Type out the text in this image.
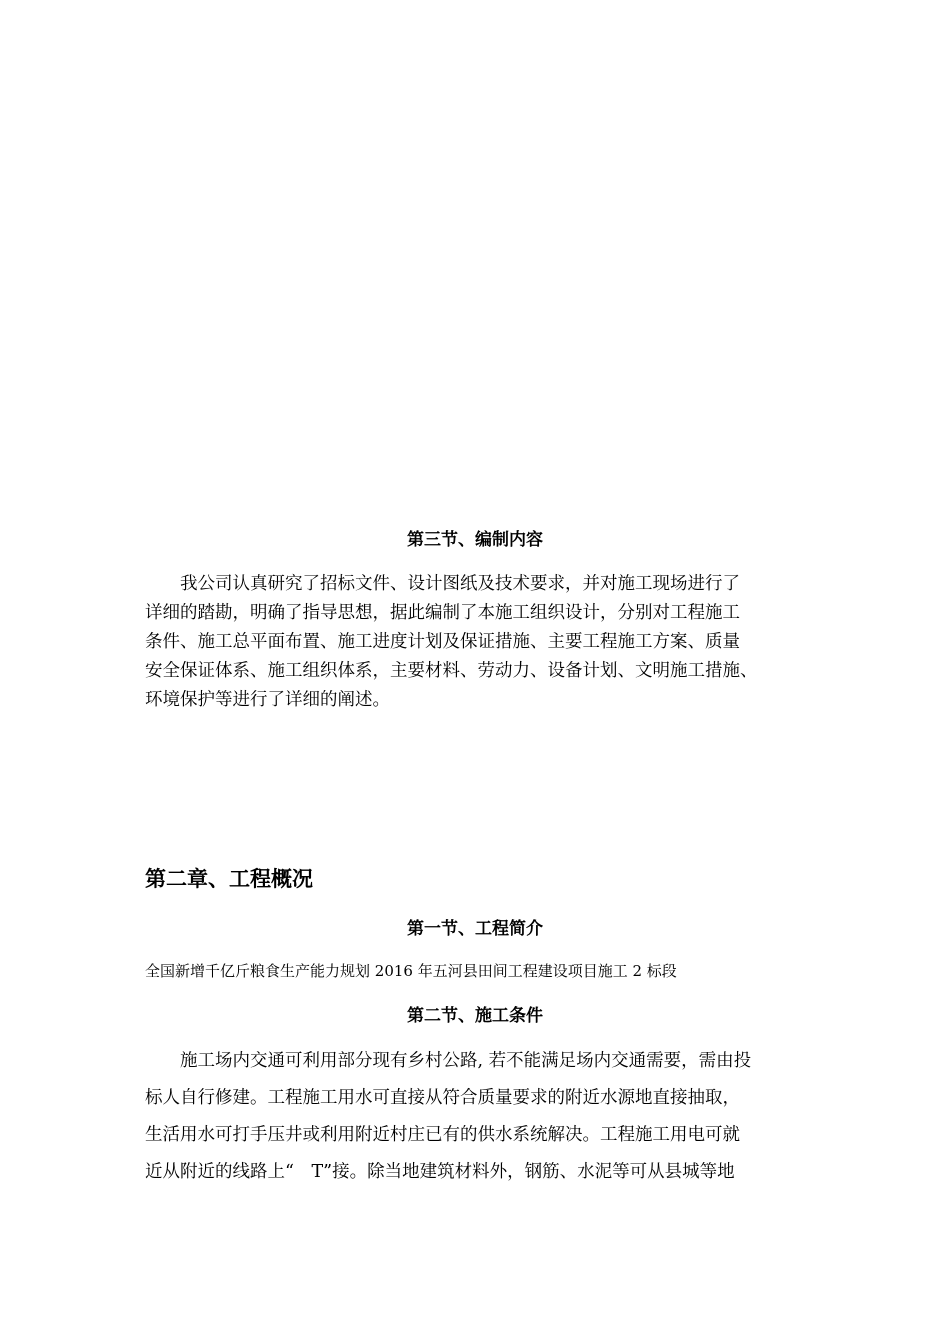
第三节、编制内容
　　我公司认真研究了招标文件、设计图纸及技术要求，并对施工现场进行了
详细的踏勘，明确了指导思想，据此编制了本施工组织设计，分别对工程施工
条件、施工总平面布置、施工进度计划及保证措施、主要工程施工方案、质量
安全保证体系、施工组织体系，主要材料、劳动力、设备计划、文明施工措施、
环境保护等进行了详细的阐述。
第二章、工程概况
第一节、工程简介
全国新增千亿斤粮食生产能力规划 2016 年五河县田间工程建设项目施工 2 标段
第二节、施工条件
　　施工场内交通可利用部分现有乡村公路, 若不能满足场内交通需要，需由投
标人自行修建。工程施工用水可直接从符合质量要求的附近水源地直接抽取，
生活用水可打手压井或利用附近村庄已有的供水系统解决。工程施工用电可就
近从附近的线路上“　T”接。除当地建筑材料外，钢筋、水泥等可从县城等地
